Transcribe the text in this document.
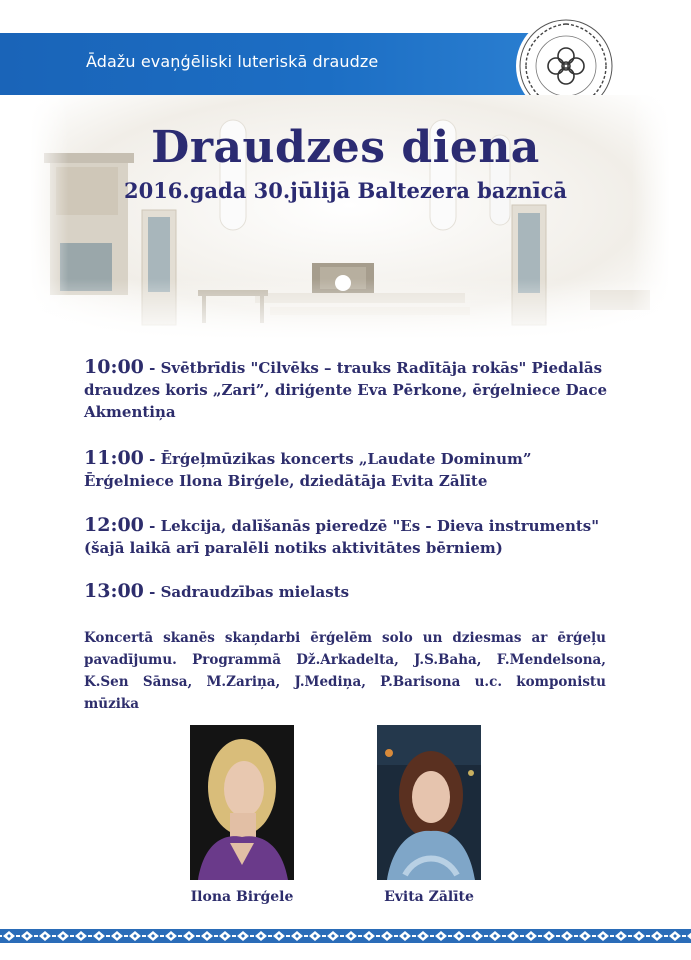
Ādažu evaņģēliski luteriskā draudze
Draudzes diena
2016.gada 30.jūlijā Baltezera baznīcā
10:00 - Svētbrīdis "Cilvēks – trauks Radītāja rokās" Piedalās draudzes koris „Zari”, diriģente Eva Pērkone, ērģelniece Dace Akmentiņa
11:00 - Ērģeļmūzikas koncerts „Laudate Dominum” Ērģelniece Ilona Birģele, dziedātāja Evita Zālīte
12:00 - Lekcija, dalīšanās pieredzē "Es - Dieva instruments" (šajā laikā arī paralēli notiks aktivitātes bērniem)
13:00 - Sadraudzības mielasts
Koncertā skanēs skaņdarbi ērģelēm solo un dziesmas ar ērģeļu pavadījumu. Programmā Dž.Arkadelta, J.S.Baha, F.Mendelsona, K.Sen Sānsa, M.Zariņa, J.Mediņa, P.Barisona u.c. komponistu mūzika
Ilona Birģele	Evita Zālīte
